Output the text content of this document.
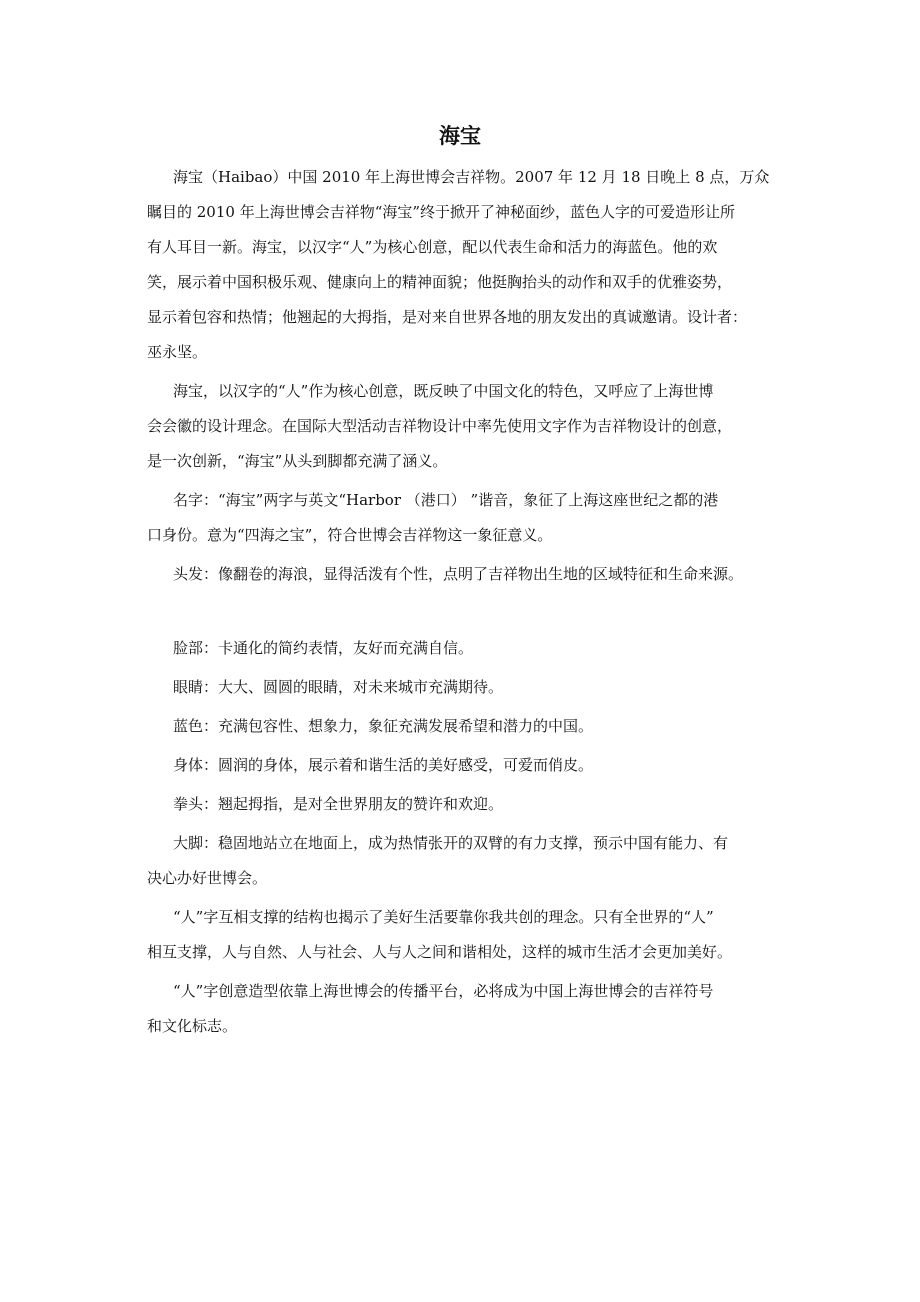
海宝
海宝（Haibao）中国 2010 年上海世博会吉祥物。2007 年 12 月 18 日晚上 8 点，万众
瞩目的 2010 年上海世博会吉祥物“海宝”终于掀开了神秘面纱，蓝色人字的可爱造形让所
有人耳目一新。海宝，以汉字“人”为核心创意，配以代表生命和活力的海蓝色。他的欢
笑，展示着中国积极乐观、健康向上的精神面貌；他挺胸抬头的动作和双手的优雅姿势，
显示着包容和热情；他翘起的大拇指，是对来自世界各地的朋友发出的真诚邀请。设计者：
巫永坚。
海宝，以汉字的“人”作为核心创意，既反映了中国文化的特色，又呼应了上海世博
会会徽的设计理念。在国际大型活动吉祥物设计中率先使用文字作为吉祥物设计的创意，
是一次创新，“海宝”从头到脚都充满了涵义。
名字：“海宝”两字与英文“Harbor （港口） ”谐音，象征了上海这座世纪之都的港
口身份。意为“四海之宝”，符合世博会吉祥物这一象征意义。
头发：像翻卷的海浪，显得活泼有个性，点明了吉祥物出生地的区域特征和生命来源。
脸部：卡通化的简约表情，友好而充满自信。
眼睛：大大、圆圆的眼睛，对未来城市充满期待。
蓝色：充满包容性、想象力，象征充满发展希望和潜力的中国。
身体：圆润的身体，展示着和谐生活的美好感受，可爱而俏皮。
拳头：翘起拇指，是对全世界朋友的赞许和欢迎。
大脚：稳固地站立在地面上，成为热情张开的双臂的有力支撑，预示中国有能力、有
决心办好世博会。
“人”字互相支撑的结构也揭示了美好生活要靠你我共创的理念。只有全世界的“人”
相互支撑，人与自然、人与社会、人与人之间和谐相处，这样的城市生活才会更加美好。
“人”字创意造型依靠上海世博会的传播平台，必将成为中国上海世博会的吉祥符号
和文化标志。
